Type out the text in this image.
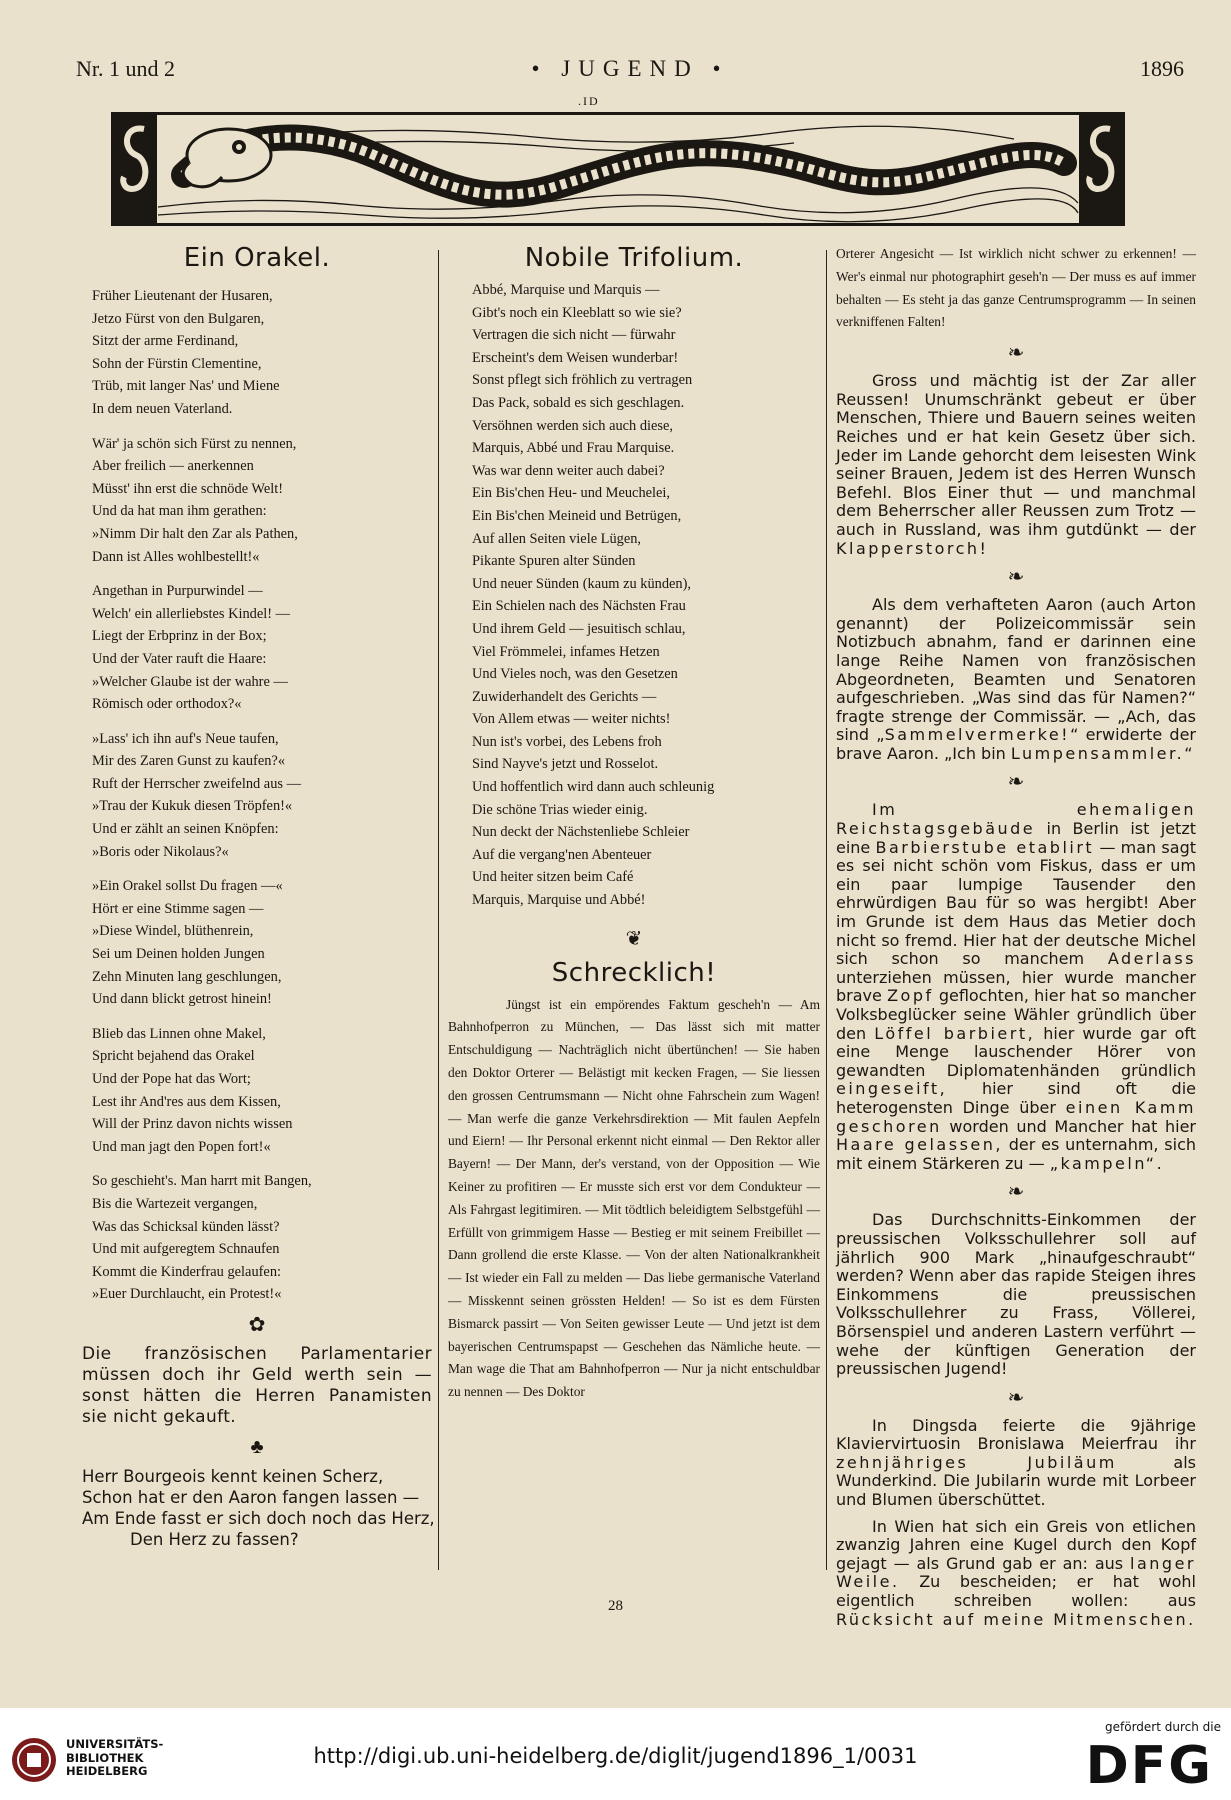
Nr. 1 und 2	• JUGEND •	1896
.ID
Ein Orakel.
Früher Lieutenant der Husaren,
Jetzo Fürst von den Bulgaren,
Sitzt der arme Ferdinand,
Sohn der Fürstin Clementine,
Trüb, mit langer Nas' und Miene
In dem neuen Vaterland.
Wär' ja schön sich Fürst zu nennen,
Aber freilich — anerkennen
Müsst' ihn erst die schnöde Welt!
Und da hat man ihm gerathen:
»Nimm Dir halt den Zar als Pathen,
Dann ist Alles wohlbestellt!«
Angethan in Purpurwindel —
Welch' ein allerliebstes Kindel! —
Liegt der Erbprinz in der Box;
Und der Vater rauft die Haare:
»Welcher Glaube ist der wahre —
Römisch oder orthodox?«
»Lass' ich ihn auf's Neue taufen,
Mir des Zaren Gunst zu kaufen?«
Ruft der Herrscher zweifelnd aus —
»Trau der Kukuk diesen Tröpfen!«
Und er zählt an seinen Knöpfen:
»Boris oder Nikolaus?«
»Ein Orakel sollst Du fragen —«
Hört er eine Stimme sagen —
»Diese Windel, blüthenrein,
Sei um Deinen holden Jungen
Zehn Minuten lang geschlungen,
Und dann blickt getrost hinein!
Blieb das Linnen ohne Makel,
Spricht bejahend das Orakel
Und der Pope hat das Wort;
Lest ihr And'res aus dem Kissen,
Will der Prinz davon nichts wissen
Und man jagt den Popen fort!«
So geschieht's. Man harrt mit Bangen,
Bis die Wartezeit vergangen,
Was das Schicksal künden lässt?
Und mit aufgeregtem Schnaufen
Kommt die Kinderfrau gelaufen:
»Euer Durchlaucht, ein Protest!«
✿

Die französischen Parlamentarier müssen doch ihr Geld werth sein — sonst hätten die Herren Panamisten sie nicht gekauft.

♣
Herr Bourgeois kennt keinen Scherz,
Schon hat er den Aaron fangen lassen —
Am Ende fasst er sich doch noch das Herz,
Den Herz zu fassen?
Nobile Trifolium.
Abbé, Marquise und Marquis —
Gibt's noch ein Kleeblatt so wie sie?
Vertragen die sich nicht — fürwahr
Erscheint's dem Weisen wunderbar!
Sonst pflegt sich fröhlich zu vertragen
Das Pack, sobald es sich geschlagen.
Versöhnen werden sich auch diese,
Marquis, Abbé und Frau Marquise.
Was war denn weiter auch dabei?
Ein Bis'chen Heu- und Meuchelei,
Ein Bis'chen Meineid und Betrügen,
Auf allen Seiten viele Lügen,
Pikante Spuren alter Sünden
Und neuer Sünden (kaum zu künden),
Ein Schielen nach des Nächsten Frau
Und ihrem Geld — jesuitisch schlau,
Viel Frömmelei, infames Hetzen
Und Vieles noch, was den Gesetzen
Zuwiderhandelt des Gerichts —
Von Allem etwas — weiter nichts!
Nun ist's vorbei, des Lebens froh
Sind Nayve's jetzt und Rosselot.
Und hoffentlich wird dann auch schleunig
Die schöne Trias wieder einig.
Nun deckt der Nächstenliebe Schleier
Auf die vergang'nen Abenteuer
Und heiter sitzen beim Café
Marquis, Marquise und Abbé!
❦
Schrecklich!

Jüngst ist ein empörendes Faktum gescheh'n — Am Bahnhofperron zu München, — Das lässt sich mit matter Entschuldigung — Nachträglich nicht übertünchen! — Sie haben den Doktor Orterer — Belästigt mit kecken Fragen, — Sie liessen den grossen Centrumsmann — Nicht ohne Fahrschein zum Wagen! — Man werfe die ganze Verkehrsdirektion — Mit faulen Aepfeln und Eiern! — Ihr Personal erkennt nicht einmal — Den Rektor aller Bayern! — Der Mann, der's verstand, von der Opposition — Wie Keiner zu profitiren — Er musste sich erst vor dem Condukteur — Als Fahrgast legitimiren. — Mit tödtlich beleidigtem Selbstgefühl — Erfüllt von grimmigem Hasse — Bestieg er mit seinem Freibillet — Dann grollend die erste Klasse. — Von der alten Nationalkrankheit — Ist wieder ein Fall zu melden — Das liebe germanische Vaterland — Misskennt seinen grössten Helden! — So ist es dem Fürsten Bismarck passirt — Von Seiten gewisser Leute — Und jetzt ist dem bayerischen Centrumspapst — Geschehen das Nämliche heute. — Man wage die That am Bahnhofperron — Nur ja nicht entschuldbar zu nennen — Des Doktor

Orterer Angesicht — Ist wirklich nicht schwer zu erkennen! — Wer's einmal nur photographirt geseh'n — Der muss es auf immer behalten — Es steht ja das ganze Centrumsprogramm — In seinen verkniffenen Falten!

❧

Gross und mächtig ist der Zar aller Reussen! Unumschränkt gebeut er über Menschen, Thiere und Bauern seines weiten Reiches und er hat kein Gesetz über sich. Jeder im Lande gehorcht dem leisesten Wink seiner Brauen, Jedem ist des Herren Wunsch Befehl. Blos Einer thut — und manchmal dem Beherrscher aller Reussen zum Trotz — auch in Russland, was ihm gutdünkt — der Klapperstorch!

❧

Als dem verhafteten Aaron (auch Arton genannt) der Polizeicommissär sein Notizbuch abnahm, fand er darinnen eine lange Reihe Namen von französischen Abgeordneten, Beamten und Senatoren aufgeschrieben. „Was sind das für Namen?“ fragte strenge der Commissär. — „Ach, das sind „Sammelvermerke!“ erwiderte der brave Aaron. „Ich bin Lumpensammler.“

❧

Im	ehemaligen Reichstagsgebäude in Berlin ist jetzt eine Barbierstube etablirt — man sagt es sei nicht schön vom Fiskus, dass er um ein paar lumpige Tausender den ehrwürdigen Bau für so was hergibt! Aber im Grunde ist dem Haus das Metier doch nicht so fremd. Hier hat der deutsche Michel sich schon so manchem Aderlass unterziehen müssen, hier wurde mancher brave Zopf geflochten, hier hat so mancher Volksbeglücker seine Wähler gründlich über den Löffel barbiert, hier wurde gar oft eine Menge lauschender Hörer von gewandten Diplomatenhänden gründlich eingeseift, hier sind oft die heterogensten Dinge über einen Kamm geschoren worden und Mancher hat hier Haare gelassen, der es unternahm, sich mit einem Stärkeren zu — „kampeln“.

❧

Das Durchschnitts-Einkommen der preussischen Volksschullehrer soll auf jährlich 900 Mark „hinaufgeschraubt“ werden? Wenn aber das rapide Steigen ihres Einkommens die preussischen Volksschullehrer zu Frass, Völlerei, Börsenspiel und anderen Lastern verführt — wehe der künftigen Generation der preussischen Jugend!

❧

In Dingsda feierte die 9jährige Klaviervirtuosin Bronislawa Meierfrau ihr zehnjähriges Jubiläum	als Wunderkind. Die Jubilarin wurde mit Lorbeer und Blumen überschüttet.

In Wien hat sich ein Greis von etlichen zwanzig Jahren eine Kugel durch den Kopf gejagt — als Grund gab er an: aus langer Weile. Zu bescheiden; er hat wohl eigentlich schreiben wollen: aus Rücksicht auf meine Mitmenschen.

28
UNIVERSITÄTS-
BIBLIOTHEK
HEIDELBERG
http://digi.ub.uni-heidelberg.de/diglit/jugend1896_1/0031
gefördert durch die
DFG
